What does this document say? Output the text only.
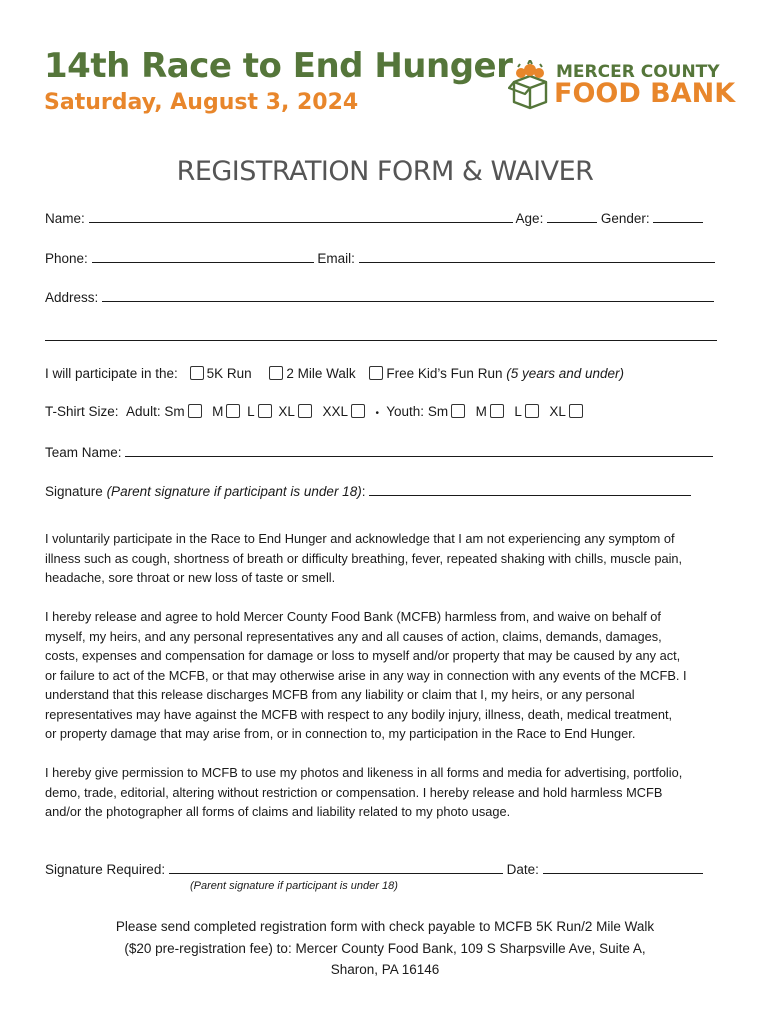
14th Race to End Hunger
Saturday, August 3, 2024
MERCER COUNTY
FOOD BANK
REGISTRATION FORM & WAIVER
Name:	Age:	Gender:
Phone:	Email:
Address:
I will participate in the: 5K Run	2 Mile Walk Free Kid’s Fun Run (5 years and under)
T-Shirt Size: Adult: Sm M L XL XXL	• Youth: Sm M L XL
Team Name:
Signature (Parent signature if participant is under 18):

I voluntarily participate in the Race to End Hunger and acknowledge that I am not experiencing any symptom of

illness such as cough, shortness of breath or difficulty breathing, fever, repeated shaking with chills, muscle pain,

headache, sore throat or new loss of taste or smell.

I hereby release and agree to hold Mercer County Food Bank (MCFB) harmless from, and waive on behalf of

myself, my heirs, and any personal representatives any and all causes of action, claims, demands, damages,

costs, expenses and compensation for damage or loss to myself and/or property that may be caused by any act,

or failure to act of the MCFB, or that may otherwise arise in any way in connection with any events of the MCFB. I

understand that this release discharges MCFB from any liability or claim that I, my heirs, or any personal

representatives may have against the MCFB with respect to any bodily injury, illness, death, medical treatment,

or property damage that may arise from, or in connection to, my participation in the Race to End Hunger.

I hereby give permission to MCFB to use my photos and likeness in all forms and media for advertising, portfolio,

demo, trade, editorial, altering without restriction or compensation. I hereby release and hold harmless MCFB

and/or the photographer all forms of claims and liability related to my photo usage.

Signature Required:	Date:
(Parent signature if participant is under 18)
Please send completed registration form with check payable to MCFB 5K Run/2 Mile Walk
($20 pre-registration fee) to: Mercer County Food Bank, 109 S Sharpsville Ave, Suite A,
Sharon, PA 16146
